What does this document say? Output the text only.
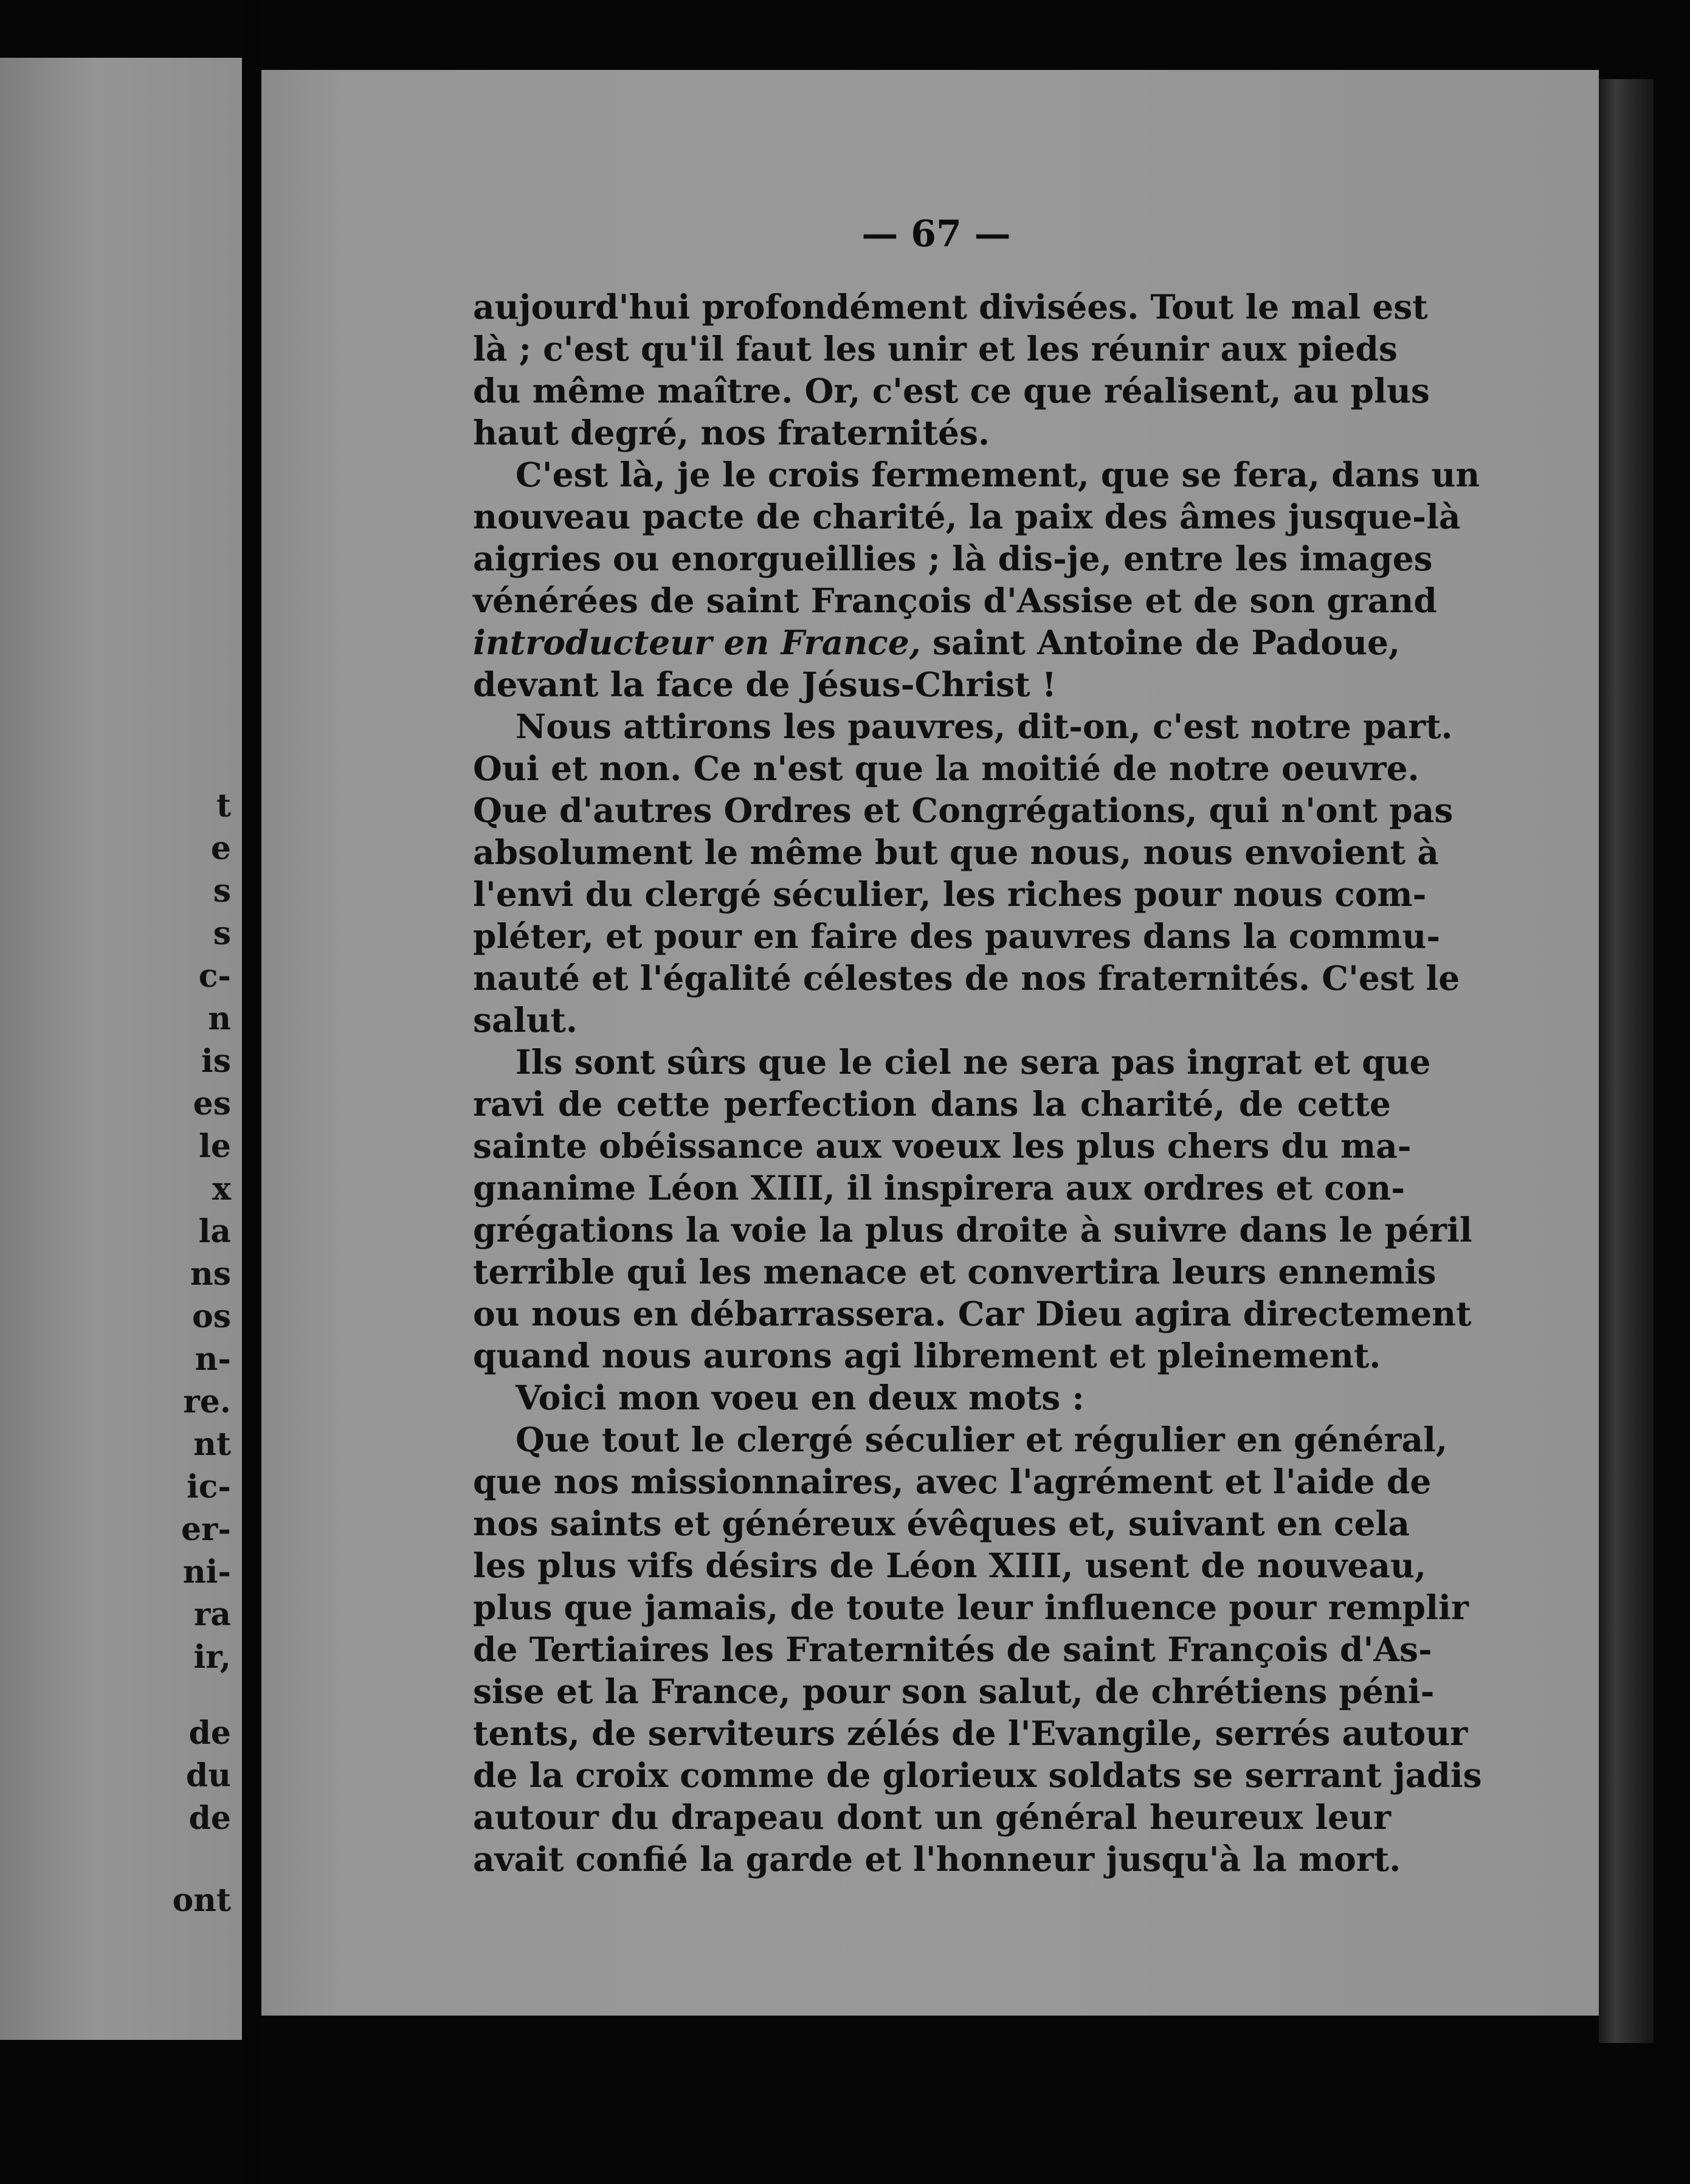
t
e
s
s
c-
n
is
es
le
x
la
ns
os
n-
re.
nt
ic-
er-
ni-
ra
ir,
de
du
de
ont
— 67 —
aujourd'hui profondément divisées. Tout le mal est
là ; c'est qu'il faut les unir et les réunir aux pieds
du même maître. Or, c'est ce que réalisent, au plus
haut degré, nos fraternités.
C'est là, je le crois fermement, que se fera, dans un
nouveau pacte de charité, la paix des âmes jusque-là
aigries ou enorgueillies ; là dis-je, entre les images
vénérées de saint François d'Assise et de son grand
introducteur en France, saint Antoine de Padoue,
devant la face de Jésus-Christ !
Nous attirons les pauvres, dit-on, c'est notre part.
Oui et non. Ce n'est que la moitié de notre oeuvre.
Que d'autres Ordres et Congrégations, qui n'ont pas
absolument le même but que nous, nous envoient à
l'envi du clergé séculier, les riches pour nous com-
pléter, et pour en faire des pauvres dans la commu-
nauté et l'égalité célestes de nos fraternités. C'est le
salut.
Ils sont sûrs que le ciel ne sera pas ingrat et que
ravi de cette perfection dans la charité, de cette
sainte obéissance aux voeux les plus chers du ma-
gnanime Léon XIII, il inspirera aux ordres et con-
grégations la voie la plus droite à suivre dans le péril
terrible qui les menace et convertira leurs ennemis
ou nous en débarrassera. Car Dieu agira directement
quand nous aurons agi librement et pleinement.
Voici mon voeu en deux mots :
Que tout le clergé séculier et régulier en général,
que nos missionnaires, avec l'agrément et l'aide de
nos saints et généreux évêques et, suivant en cela
les plus vifs désirs de Léon XIII, usent de nouveau,
plus que jamais, de toute leur influence pour remplir
de Tertiaires les Fraternités de saint François d'As-
sise et la France, pour son salut, de chrétiens péni-
tents, de serviteurs zélés de l'Evangile, serrés autour
de la croix comme de glorieux soldats se serrant jadis
autour du drapeau dont un général heureux leur
avait confié la garde et l'honneur jusqu'à la mort.
